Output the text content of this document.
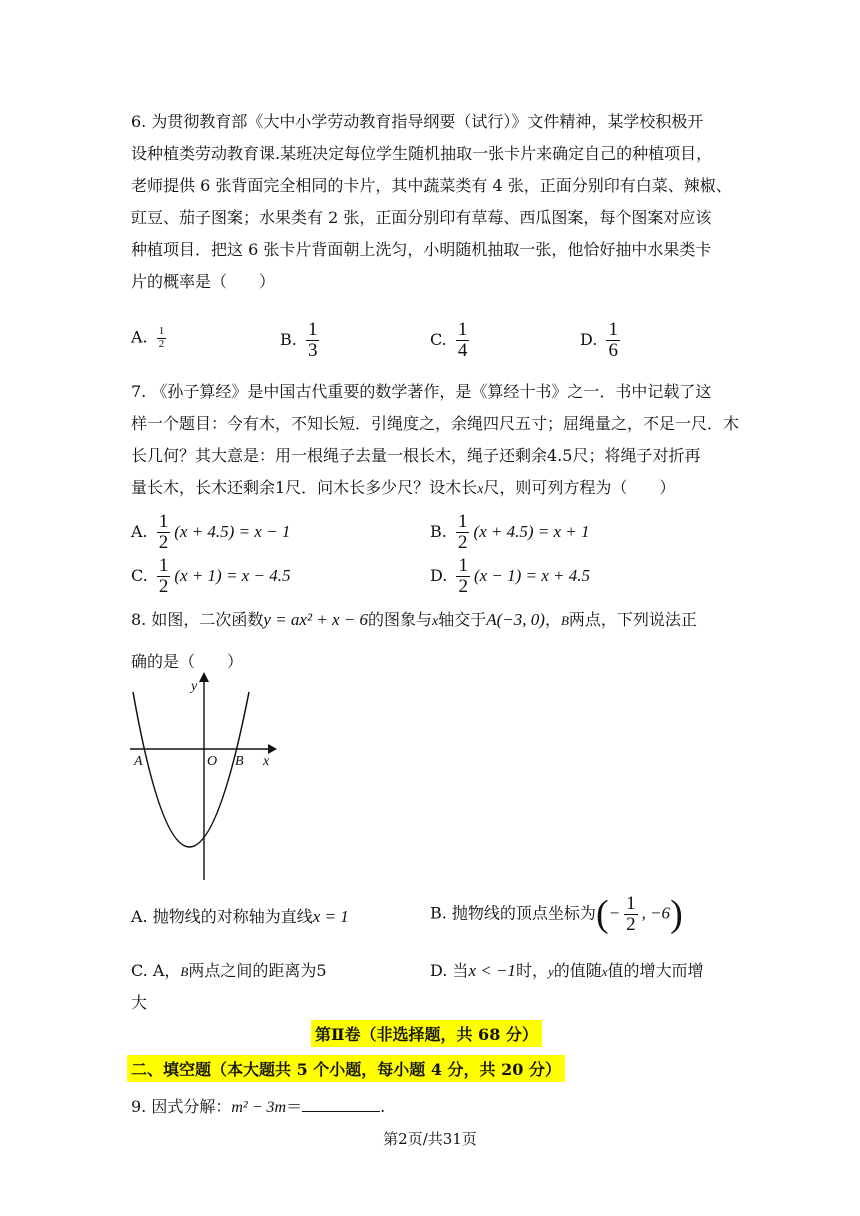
6. 为贯彻教育部《大中小学劳动教育指导纲要（试行）》文件精神，某学校积极开
设种植类劳动教育课.某班决定每位学生随机抽取一张卡片来确定自己的种植项目，
老师提供 6 张背面完全相同的卡片，其中蔬菜类有 4 张，正面分别印有白菜、辣椒、
豇豆、茄子图案；水果类有 2 张，正面分别印有草莓、西瓜图案，每个图案对应该
种植项目．把这 6 张卡片背面朝上洗匀，小明随机抽取一张，他恰好抽中水果类卡
片的概率是（　　）
A. $\frac{1}{2}$	B. $\frac{1}{3}$	C. $\frac{1}{4}$	D. $\frac{1}{6}$
7. 《孙子算经》是中国古代重要的数学著作，是《算经十书》之一．书中记载了这
样一个题目：今有木，不知长短．引绳度之，余绳四尺五寸；屈绳量之，不足一尺．木
长几何？其大意是：用一根绳子去量一根长木，绳子还剩余4.5尺；将绳子对折再
量长木，长木还剩余1尺．问木长多少尺？设木长x尺，则可列方程为（　　）
A. $\frac{1}{2} (x + 4.5) = x - 1$	B. $\frac{1}{2} (x + 4.5) = x + 1$
C. $\frac{1}{2} (x + 1) = x - 4.5$	D. $\frac{1}{2} (x - 1) = x + 4.5$
8. 如图，二次函数y = ax² + x − 6的图象与x轴交于A(−3, 0)，B两点，下列说法正
确的是（　　）
y
x
A	O B
A. 抛物线的对称轴为直线x = 1	B. 抛物线的顶点坐标为(− $\frac{1}{2}$ , −6)
C. A，B两点之间的距离为5	D. 当x < −1时，y的值随x值的增大而增
大
第Ⅱ卷（非选择题，共 68 分）
二、填空题（本大题共 5 个小题，每小题 4 分，共 20 分）
9. 因式分解：m² − 3m＝	.
第2页/共31页
